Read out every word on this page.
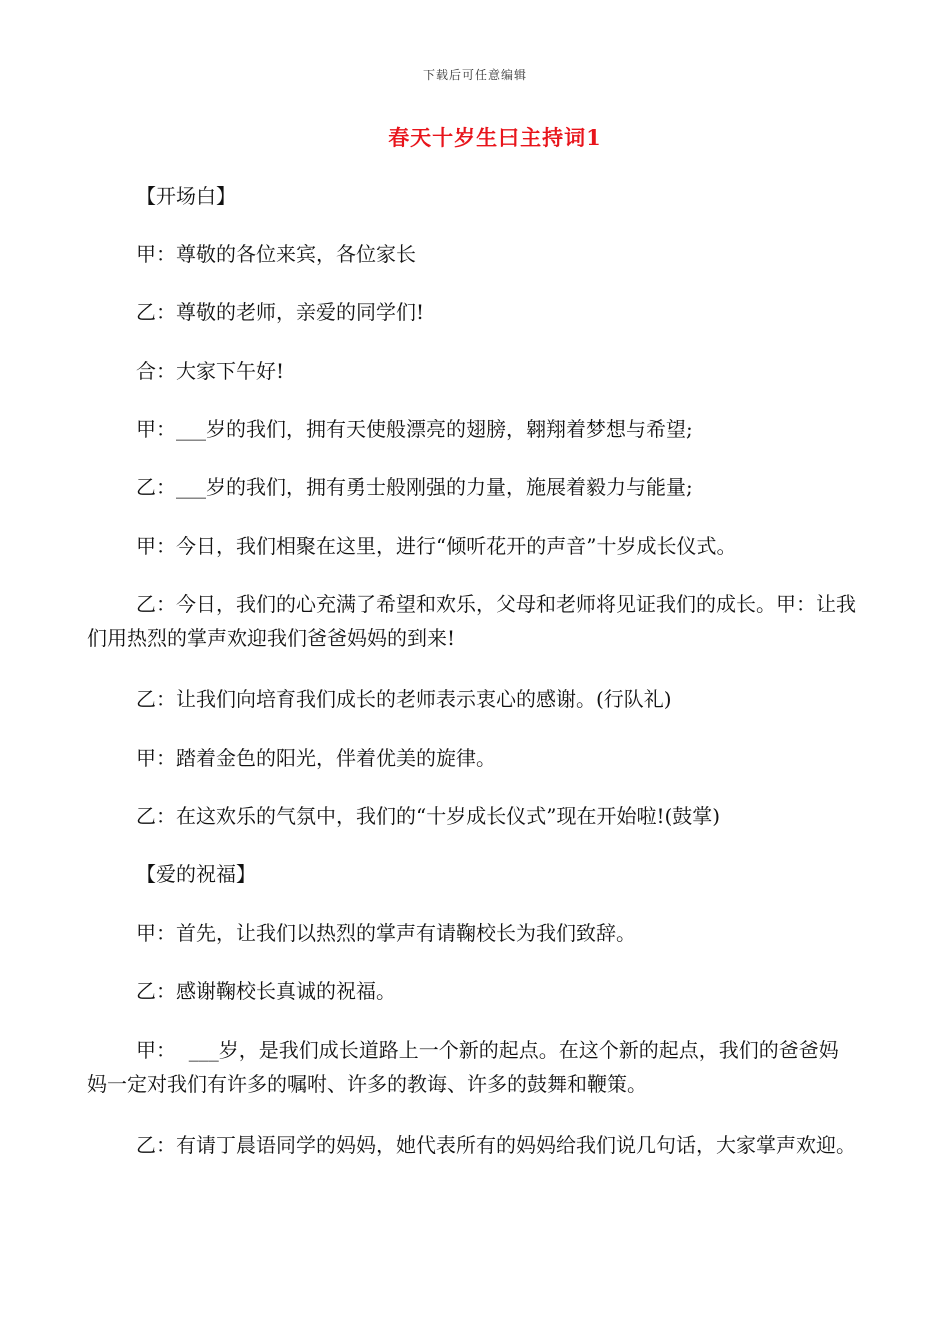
下载后可任意编辑
春天十岁生曰主持词1

【开场白】

甲：尊敬的各位来宾，各位家长

乙：尊敬的老师，亲爱的同学们!

合：大家下午好!

甲：___岁的我们，拥有天使般漂亮的翅膀，翱翔着梦想与希望;

乙：___岁的我们，拥有勇士般刚强的力量，施展着毅力与能量;

甲：今日，我们相聚在这里，进行“倾听花开的声音”十岁成长仪式。

乙：今日，我们的心充满了希望和欢乐，父母和老师将见证我们的成长。甲：让我们用热烈的掌声欢迎我们爸爸妈妈的到来!

乙：让我们向培育我们成长的老师表示衷心的感谢。(行队礼)

甲：踏着金色的阳光，伴着优美的旋律。

乙：在这欢乐的气氛中，我们的“十岁成长仪式”现在开始啦!(鼓掌)

【爱的祝福】

甲：首先，让我们以热烈的掌声有请鞠校长为我们致辞。

乙：感谢鞠校长真诚的祝福。

甲：  ___岁，是我们成长道路上一个新的起点。在这个新的起点，我们的爸爸妈妈一定对我们有许多的嘱咐、许多的教诲、许多的鼓舞和鞭策。

乙：有请丁晨语同学的妈妈，她代表所有的妈妈给我们说几句话，大家掌声欢迎。
